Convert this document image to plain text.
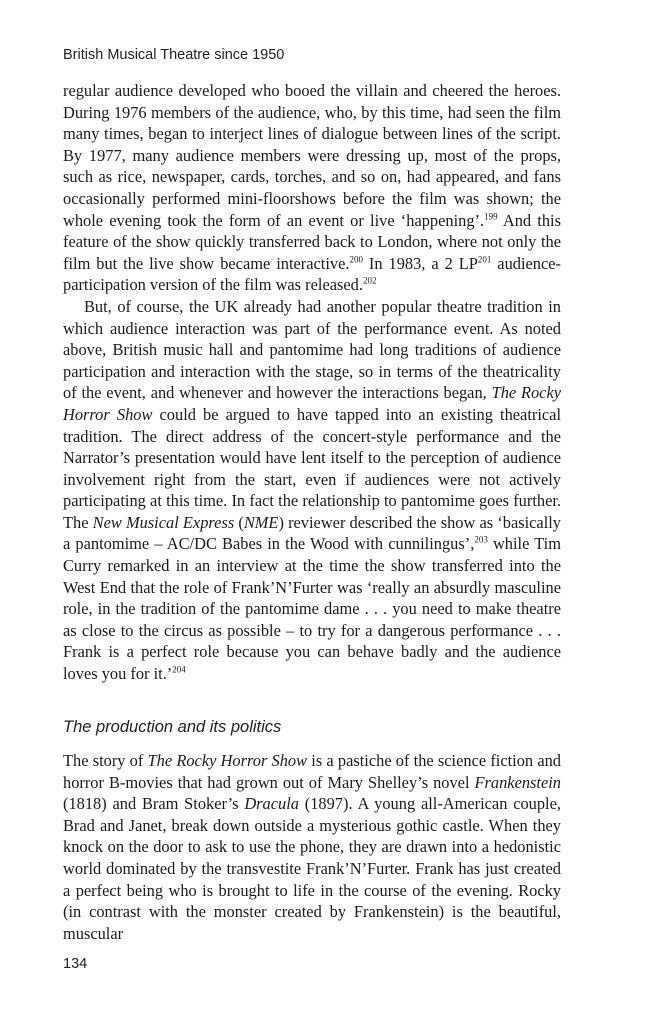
British Musical Theatre since 1950

regular audience developed who booed the villain and cheered the heroes. During 1976 members of the audience, who, by this time, had seen the film many times, began to interject lines of dialogue between lines of the script. By 1977, many audience members were dressing up, most of the props, such as rice, newspaper, cards, torches, and so on, had appeared, and fans occasionally performed mini-floorshows before the film was shown; the whole evening took the form of an event or live ‘happening’.$^{199}$ And this feature of the show quickly transferred back to London, where not only the film but the live show became interactive.$^{200}$ In 1983, a 2 LP$^{201}$ audience-participation version of the film was released.$^{202}$

But, of course, the UK already had another popular theatre tradition in which audience interaction was part of the performance event. As noted above, British music hall and pantomime had long traditions of audience participation and interaction with the stage, so in terms of the theatricality of the event, and whenever and however the interactions began, The Rocky Horror Show could be argued to have tapped into an existing theatrical tradition. The direct address of the concert-style performance and the Narrator’s presentation would have lent itself to the perception of audience involvement right from the start, even if audiences were not actively participating at this time. In fact the relationship to pantomime goes further. The New Musical Express (NME) reviewer described the show as ‘basically a pantomime – AC/DC Babes in the Wood with cunnilingus’,$^{203}$ while Tim Curry remarked in an interview at the time the show transferred into the West End that the role of Frank’N’Furter was ‘really an absurdly masculine role, in the tradition of the pantomime dame . . . you need to make theatre as close to the circus as possible – to try for a dangerous performance . . . Frank is a perfect role because you can behave badly and the audience loves you for it.’$^{204}$

The production and its politics

The story of The Rocky Horror Show is a pastiche of the science fiction and horror B-movies that had grown out of Mary Shelley’s novel Frankenstein (1818) and Bram Stoker’s Dracula (1897). A young all-American couple, Brad and Janet, break down outside a mysterious gothic castle. When they knock on the door to ask to use the phone, they are drawn into a hedonistic world dominated by the transvestite Frank’N’Furter. Frank has just created a perfect being who is brought to life in the course of the evening. Rocky (in contrast with the monster created by Frankenstein) is the beautiful, muscular

134
